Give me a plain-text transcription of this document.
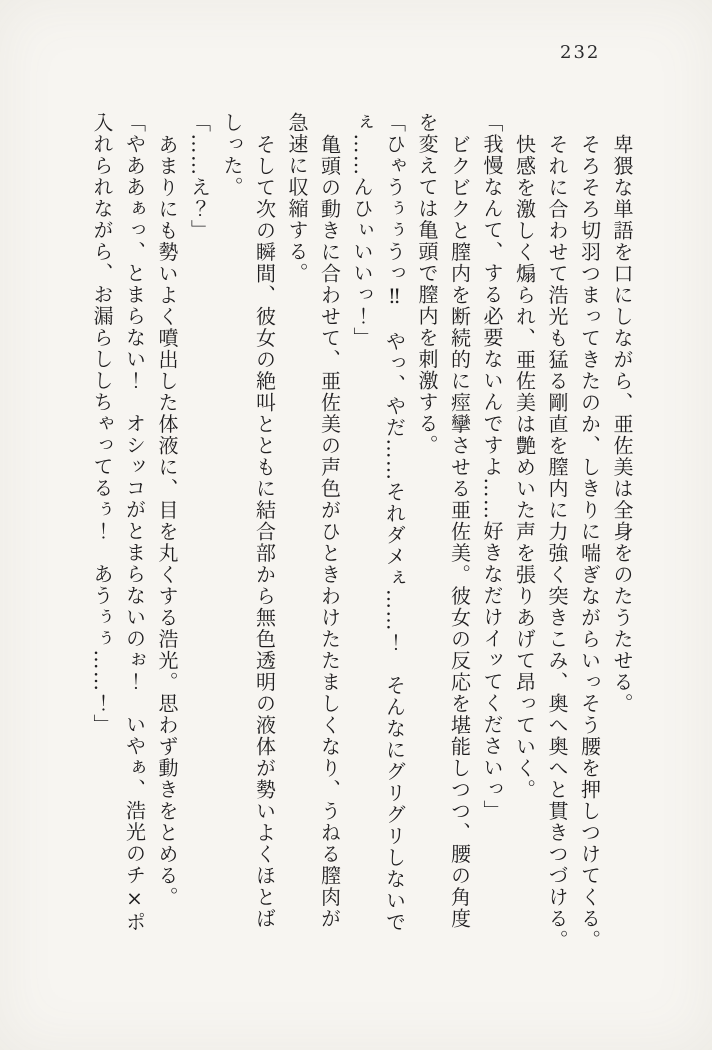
232

卑猥な単語を口にしながら、亜佐美は全身をのたうたせる。

そろそろ切羽つまってきたのか、しきりに喘ぎながらいっそう腰を押しつけてくる。

それに合わせて浩光も猛る剛直を膣内に力強く突きこみ、奥へ奥へと貫きつづける。

快感を激しく煽られ、亜佐美は艶めいた声を張りあげて昂っていく。

「我慢なんて、する必要ないんですよ……好きなだけイッてくださいっ」

ビクビクと膣内を断続的に痙攣させる亜佐美。彼女の反応を堪能しつつ、腰の角度

を変えては亀頭で膣内を刺激する。

「ひゃうぅぅうっ‼　やっ、やだ……それダメぇ……！　そんなにグリグリしないで

ぇ……んひぃいいっ！」

亀頭の動きに合わせて、亜佐美の声色がひときわけたたましくなり、うねる膣肉が

急速に収縮する。

そして次の瞬間、彼女の絶叫とともに結合部から無色透明の液体が勢いよくほとば

しった。

「……え？」

あまりにも勢いよく噴出した体液に、目を丸くする浩光。思わず動きをとめる。

「やああぁっ、とまらない！　オシッコがとまらないのぉ！　いやぁ、浩光のチ×ポ

入れられながら、お漏らししちゃってるぅ！　あうぅぅ……！」
